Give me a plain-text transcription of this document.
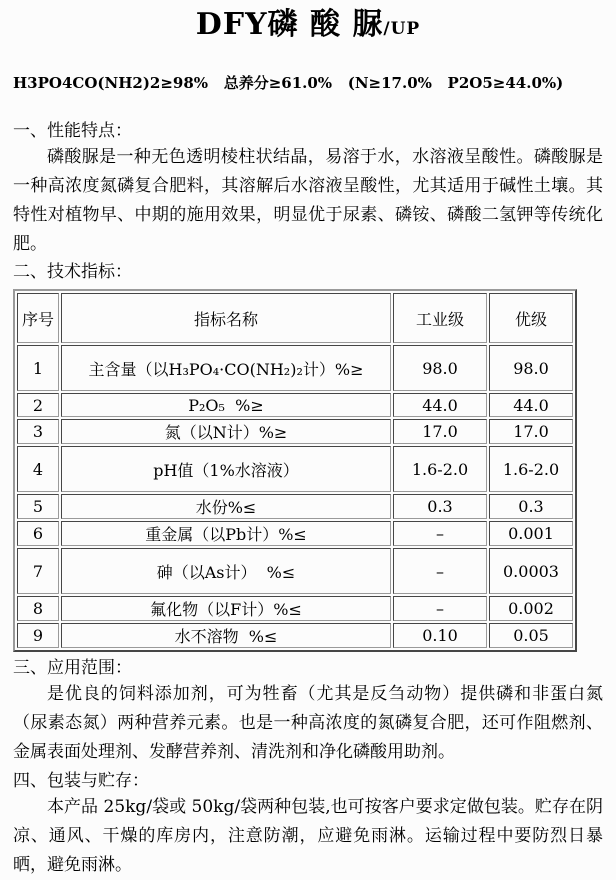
DFY磷 酸 脲/UP
H3PO4CO(NH2)2≥98%   总养分≥61.0%   (N≥17.0%   P2O5≥44.0%)
一、性能特点：

磷酸脲是一种无色透明棱柱状结晶，易溶于水，水溶液呈酸性。磷酸脲是一种高浓度氮磷复合肥料，其溶解后水溶液呈酸性，尤其适用于碱性土壤。其特性对植物早、中期的施用效果，明显优于尿素、磷铵、磷酸二氢钾等传统化肥。

二、技术指标：
序号	指标名称	工业级	优级
1	主含量（以H₃PO₄·CO(NH₂)₂计）%≥	98.0	98.0
2	P₂O₅  %≥	44.0	44.0
3	氮（以N计）%≥	17.0	17.0
4	pH值（1%水溶液）	1.6-2.0	1.6-2.0
5	水份%≤	0.3	0.3
6	重金属（以Pb计）%≤	–	0.001
7	砷（以As计）  %≤	–	0.0003
8	氟化物（以F计）%≤	–	0.002
9	水不溶物  %≤	0.10	0.05
三、应用范围：

是优良的饲料添加剂，可为牲畜（尤其是反刍动物）提供磷和非蛋白氮（尿素态氮）两种营养元素。也是一种高浓度的氮磷复合肥，还可作阻燃剂、金属表面处理剂、发酵营养剂、清洗剂和净化磷酸用助剂。

四、包装与贮存：

本产品 25kg/袋或 50kg/袋两种包装,也可按客户要求定做包装。贮存在阴凉、通风、干燥的库房内，注意防潮，应避免雨淋。运输过程中要防烈日暴晒，避免雨淋。
